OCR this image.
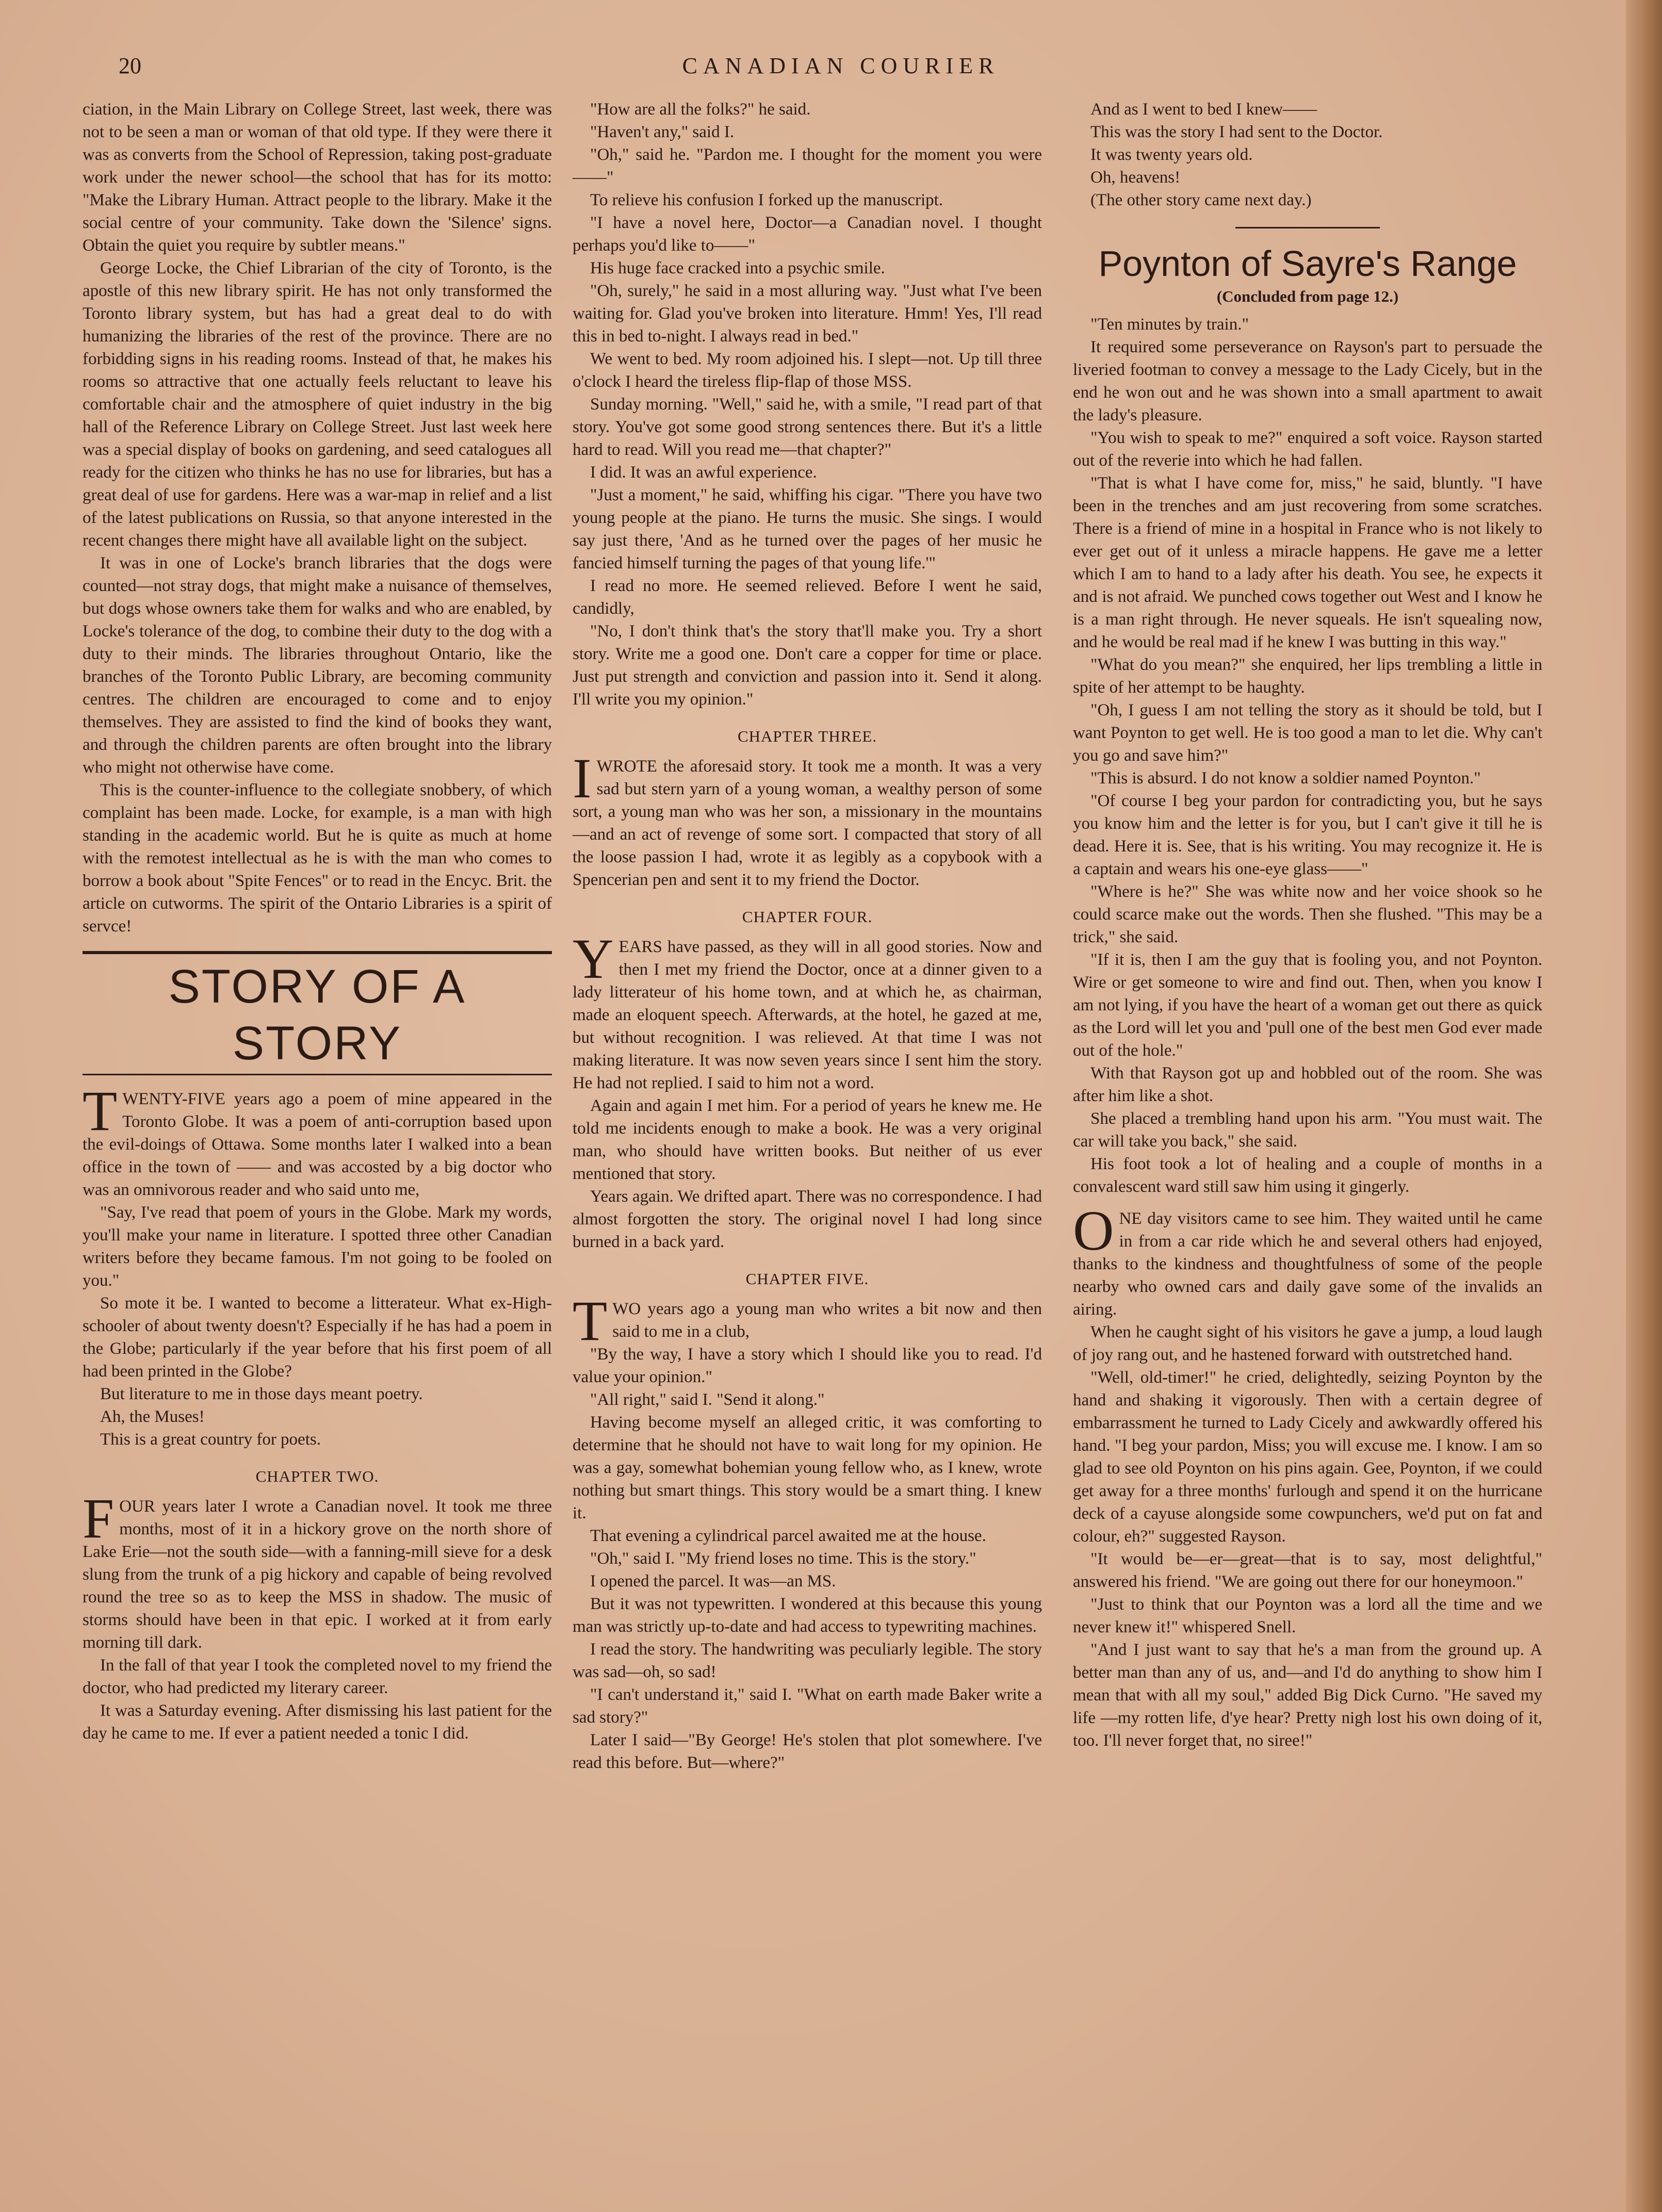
20	CANADIAN COURIER

ciation, in the Main Library on College Street, last week, there was not to be seen a man or woman of that old type. If they were there it was as converts from the School of Repression, taking post-graduate work under the newer school—the school that has for its motto: "Make the Library Human. Attract people to the library. Make it the social centre of your community. Take down the 'Silence' signs. Obtain the quiet you require by subtler means."

George Locke, the Chief Librarian of the city of Toronto, is the apostle of this new library spirit. He has not only transformed the Toronto library system, but has had a great deal to do with humanizing the libraries of the rest of the province. There are no forbidding signs in his reading rooms. Instead of that, he makes his rooms so attractive that one actually feels reluctant to leave his comfortable chair and the atmosphere of quiet industry in the big hall of the Reference Library on College Street. Just last week here was a special display of books on gardening, and seed catalogues all ready for the citizen who thinks he has no use for libraries, but has a great deal of use for gardens. Here was a war-map in relief and a list of the latest publications on Russia, so that anyone interested in the recent changes there might have all available light on the subject.

It was in one of Locke's branch libraries that the dogs were counted—not stray dogs, that might make a nuisance of themselves, but dogs whose owners take them for walks and who are enabled, by Locke's tolerance of the dog, to combine their duty to the dog with a duty to their minds. The libraries throughout Ontario, like the branches of the Toronto Public Library, are becoming community centres. The children are encouraged to come and to enjoy themselves. They are assisted to find the kind of books they want, and through the children parents are often brought into the library who might not otherwise have come.

This is the counter-influence to the collegiate snobbery, of which complaint has been made. Locke, for example, is a man with high standing in the academic world. But he is quite as much at home with the remotest intellectual as he is with the man who comes to borrow a book about "Spite Fences" or to read in the Encyc. Brit. the article on cutworms. The spirit of the Ontario Libraries is a spirit of servce!

STORY OF A STORY

TWENTY-FIVE years ago a poem of mine appeared in the Toronto Globe. It was a poem of anti-corruption based upon the evil-doings of Ottawa. Some months later I walked into a bean office in the town of —— and was accosted by a big doctor who was an omnivorous reader and who said unto me,

"Say, I've read that poem of yours in the Globe. Mark my words, you'll make your name in literature. I spotted three other Canadian writers before they became famous. I'm not going to be fooled on you."

So mote it be. I wanted to become a litterateur. What ex-High-schooler of about twenty doesn't? Especially if he has had a poem in the Globe; particularly if the year before that his first poem of all had been printed in the Globe?

But literature to me in those days meant poetry.
Ah, the Muses!
This is a great country for poets.

CHAPTER TWO.

FOUR years later I wrote a Canadian novel. It took me three months, most of it in a hickory grove on the north shore of Lake Erie—not the south side—with a fanning-mill sieve for a desk slung from the trunk of a pig hickory and capable of being revolved round the tree so as to keep the MSS in shadow. The music of storms should have been in that epic. I worked at it from early morning till dark.

In the fall of that year I took the completed novel to my friend the doctor, who had predicted my literary career.

It was a Saturday evening. After dismissing his last patient for the day he came to me. If ever a patient needed a tonic I did.

"How are all the folks?" he said.
"Haven't any," said I.

"Oh," said he. "Pardon me. I thought for the moment you were——"

To relieve his confusion I forked up the manuscript.

"I have a novel here, Doctor—a Canadian novel. I thought perhaps you'd like to——"

His huge face cracked into a psychic smile.

"Oh, surely," he said in a most alluring way. "Just what I've been waiting for. Glad you've broken into literature. Hmm! Yes, I'll read this in bed to-night. I always read in bed."

We went to bed. My room adjoined his. I slept—not. Up till three o'clock I heard the tireless flip-flap of those MSS.

Sunday morning. "Well," said he, with a smile, "I read part of that story. You've got some good strong sentences there. But it's a little hard to read. Will you read me—that chapter?"

I did. It was an awful experience.

"Just a moment," he said, whiffing his cigar. "There you have two young people at the piano. He turns the music. She sings. I would say just there, 'And as he turned over the pages of her music he fancied himself turning the pages of that young life.'"

I read no more. He seemed relieved. Before I went he said, candidly,

"No, I don't think that's the story that'll make you. Try a short story. Write me a good one. Don't care a copper for time or place. Just put strength and conviction and passion into it. Send it along. I'll write you my opinion."

CHAPTER THREE.

IWROTE the aforesaid story. It took me a month. It was a very sad but stern yarn of a young woman, a wealthy person of some sort, a young man who was her son, a missionary in the mountains—and an act of revenge of some sort. I compacted that story of all the loose passion I had, wrote it as legibly as a copybook with a Spencerian pen and sent it to my friend the Doctor.

CHAPTER FOUR.

YEARS have passed, as they will in all good stories. Now and then I met my friend the Doctor, once at a dinner given to a lady litterateur of his home town, and at which he, as chairman, made an eloquent speech. Afterwards, at the hotel, he gazed at me, but without recognition. I was relieved. At that time I was not making literature. It was now seven years since I sent him the story. He had not replied. I said to him not a word.

Again and again I met him. For a period of years he knew me. He told me incidents enough to make a book. He was a very original man, who should have written books. But neither of us ever mentioned that story.

Years again. We drifted apart. There was no correspondence. I had almost forgotten the story. The original novel I had long since burned in a back yard.

CHAPTER FIVE.

TWO years ago a young man who writes a bit now and then said to me in a club,

"By the way, I have a story which I should like you to read. I'd value your opinion."

"All right," said I. "Send it along."

Having become myself an alleged critic, it was comforting to determine that he should not have to wait long for my opinion. He was a gay, somewhat bohemian young fellow who, as I knew, wrote nothing but smart things. This story would be a smart thing. I knew it.

That evening a cylindrical parcel awaited me at the house.

"Oh," said I. "My friend loses no time. This is the story."

I opened the parcel. It was—an MS.

But it was not typewritten. I wondered at this because this young man was strictly up-to-date and had access to typewriting machines.

I read the story. The handwriting was peculiarly legible. The story was sad—oh, so sad!

"I can't understand it," said I. "What on earth made Baker write a sad story?"

Later I said—"By George! He's stolen that plot somewhere. I've read this before. But—where?"

And as I went to bed I knew——
This was the story I had sent to the Doctor.
It was twenty years old.
Oh, heavens!
(The other story came next day.)

Poynton of Sayre's Range
(Concluded from page 12.)

"Ten minutes by train."

It required some perseverance on Rayson's part to persuade the liveried footman to convey a message to the Lady Cicely, but in the end he won out and he was shown into a small apartment to await the lady's pleasure.

"You wish to speak to me?" enquired a soft voice. Rayson started out of the reverie into which he had fallen.

"That is what I have come for, miss," he said, bluntly. "I have been in the trenches and am just recovering from some scratches. There is a friend of mine in a hospital in France who is not likely to ever get out of it unless a miracle happens. He gave me a letter which I am to hand to a lady after his death. You see, he expects it and is not afraid. We punched cows together out West and I know he is a man right through. He never squeals. He isn't squealing now, and he would be real mad if he knew I was butting in this way."

"What do you mean?" she enquired, her lips trembling a little in spite of her attempt to be haughty.

"Oh, I guess I am not telling the story as it should be told, but I want Poynton to get well. He is too good a man to let die. Why can't you go and save him?"

"This is absurd. I do not know a soldier named Poynton."

"Of course I beg your pardon for contradicting you, but he says you know him and the letter is for you, but I can't give it till he is dead. Here it is. See, that is his writing. You may recognize it. He is a captain and wears his one-eye glass——"

"Where is he?" She was white now and her voice shook so he could scarce make out the words. Then she flushed. "This may be a trick," she said.

"If it is, then I am the guy that is fooling you, and not Poynton. Wire or get someone to wire and find out. Then, when you know I am not lying, if you have the heart of a woman get out there as quick as the Lord will let you and 'pull one of the best men God ever made out of the hole."

With that Rayson got up and hobbled out of the room. She was after him like a shot.

She placed a trembling hand upon his arm. "You must wait. The car will take you back," she said.

His foot took a lot of healing and a couple of months in a convalescent ward still saw him using it gingerly.

ONE day visitors came to see him. They waited until he came in from a car ride which he and several others had enjoyed, thanks to the kindness and thoughtfulness of some of the people nearby who owned cars and daily gave some of the invalids an airing.

When he caught sight of his visitors he gave a jump, a loud laugh of joy rang out, and he hastened forward with outstretched hand.

"Well, old-timer!" he cried, delightedly, seizing Poynton by the hand and shaking it vigorously. Then with a certain degree of embarrassment he turned to Lady Cicely and awkwardly offered his hand. "I beg your pardon, Miss; you will excuse me. I know. I am so glad to see old Poynton on his pins again. Gee, Poynton, if we could get away for a three months' furlough and spend it on the hurricane deck of a cayuse alongside some cowpunchers, we'd put on fat and colour, eh?" suggested Rayson.

"It would be—er—great—that is to say, most delightful," answered his friend. "We are going out there for our honeymoon."

"Just to think that our Poynton was a lord all the time and we never knew it!" whispered Snell.

"And I just want to say that he's a man from the ground up. A better man than any of us, and—and I'd do anything to show him I mean that with all my soul," added Big Dick Curno. "He saved my life —my rotten life, d'ye hear? Pretty nigh lost his own doing of it, too. I'll never forget that, no siree!"
